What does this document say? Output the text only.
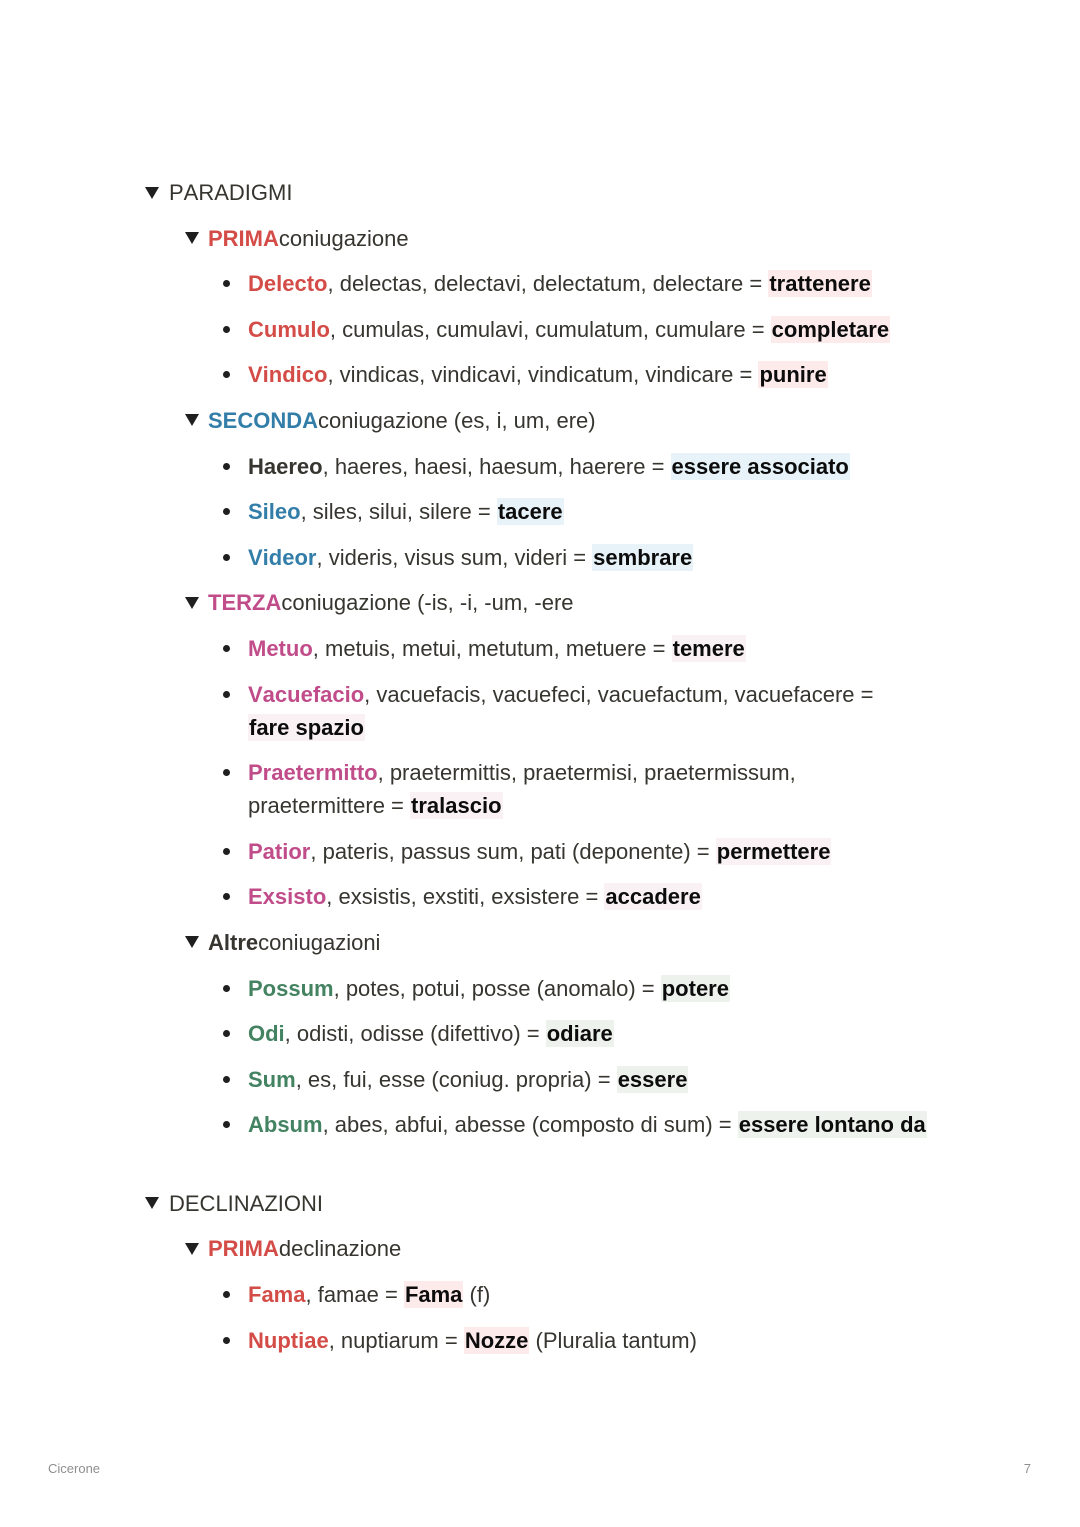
PARADIGMI
PRIMA coniugazione
Delecto, delectas, delectavi, delectatum, delectare = trattenere
Cumulo, cumulas, cumulavi, cumulatum, cumulare = completare
Vindico, vindicas, vindicavi, vindicatum, vindicare = punire
SECONDA coniugazione (es, i, um, ere)
Haereo, haeres, haesi, haesum, haerere = essere associato
Sileo, siles, silui, silere = tacere
Videor, videris, visus sum, videri = sembrare
TERZA coniugazione (-is, -i, -um, -ere
Metuo, metuis, metui, metutum, metuere = temere
Vacuefacio, vacuefacis, vacuefeci, vacuefactum, vacuefacere = fare spazio
Praetermitto, praetermittis, praetermisi, praetermissum, praetermittere = tralascio
Patior, pateris, passus sum, pati (deponente) = permettere
Exsisto, exsistis, exstiti, exsistere = accadere
Altre coniugazioni
Possum, potes, potui, posse (anomalo) = potere
Odi, odisti, odisse (difettivo) = odiare
Sum, es, fui, esse (coniug. propria) = essere
Absum, abes, abfui, abesse (composto di sum) = essere lontano da
DECLINAZIONI
PRIMA declinazione
Fama, famae = Fama (f)
Nuptiae, nuptiarum = Nozze (Pluralia tantum)
Cicerone	7
